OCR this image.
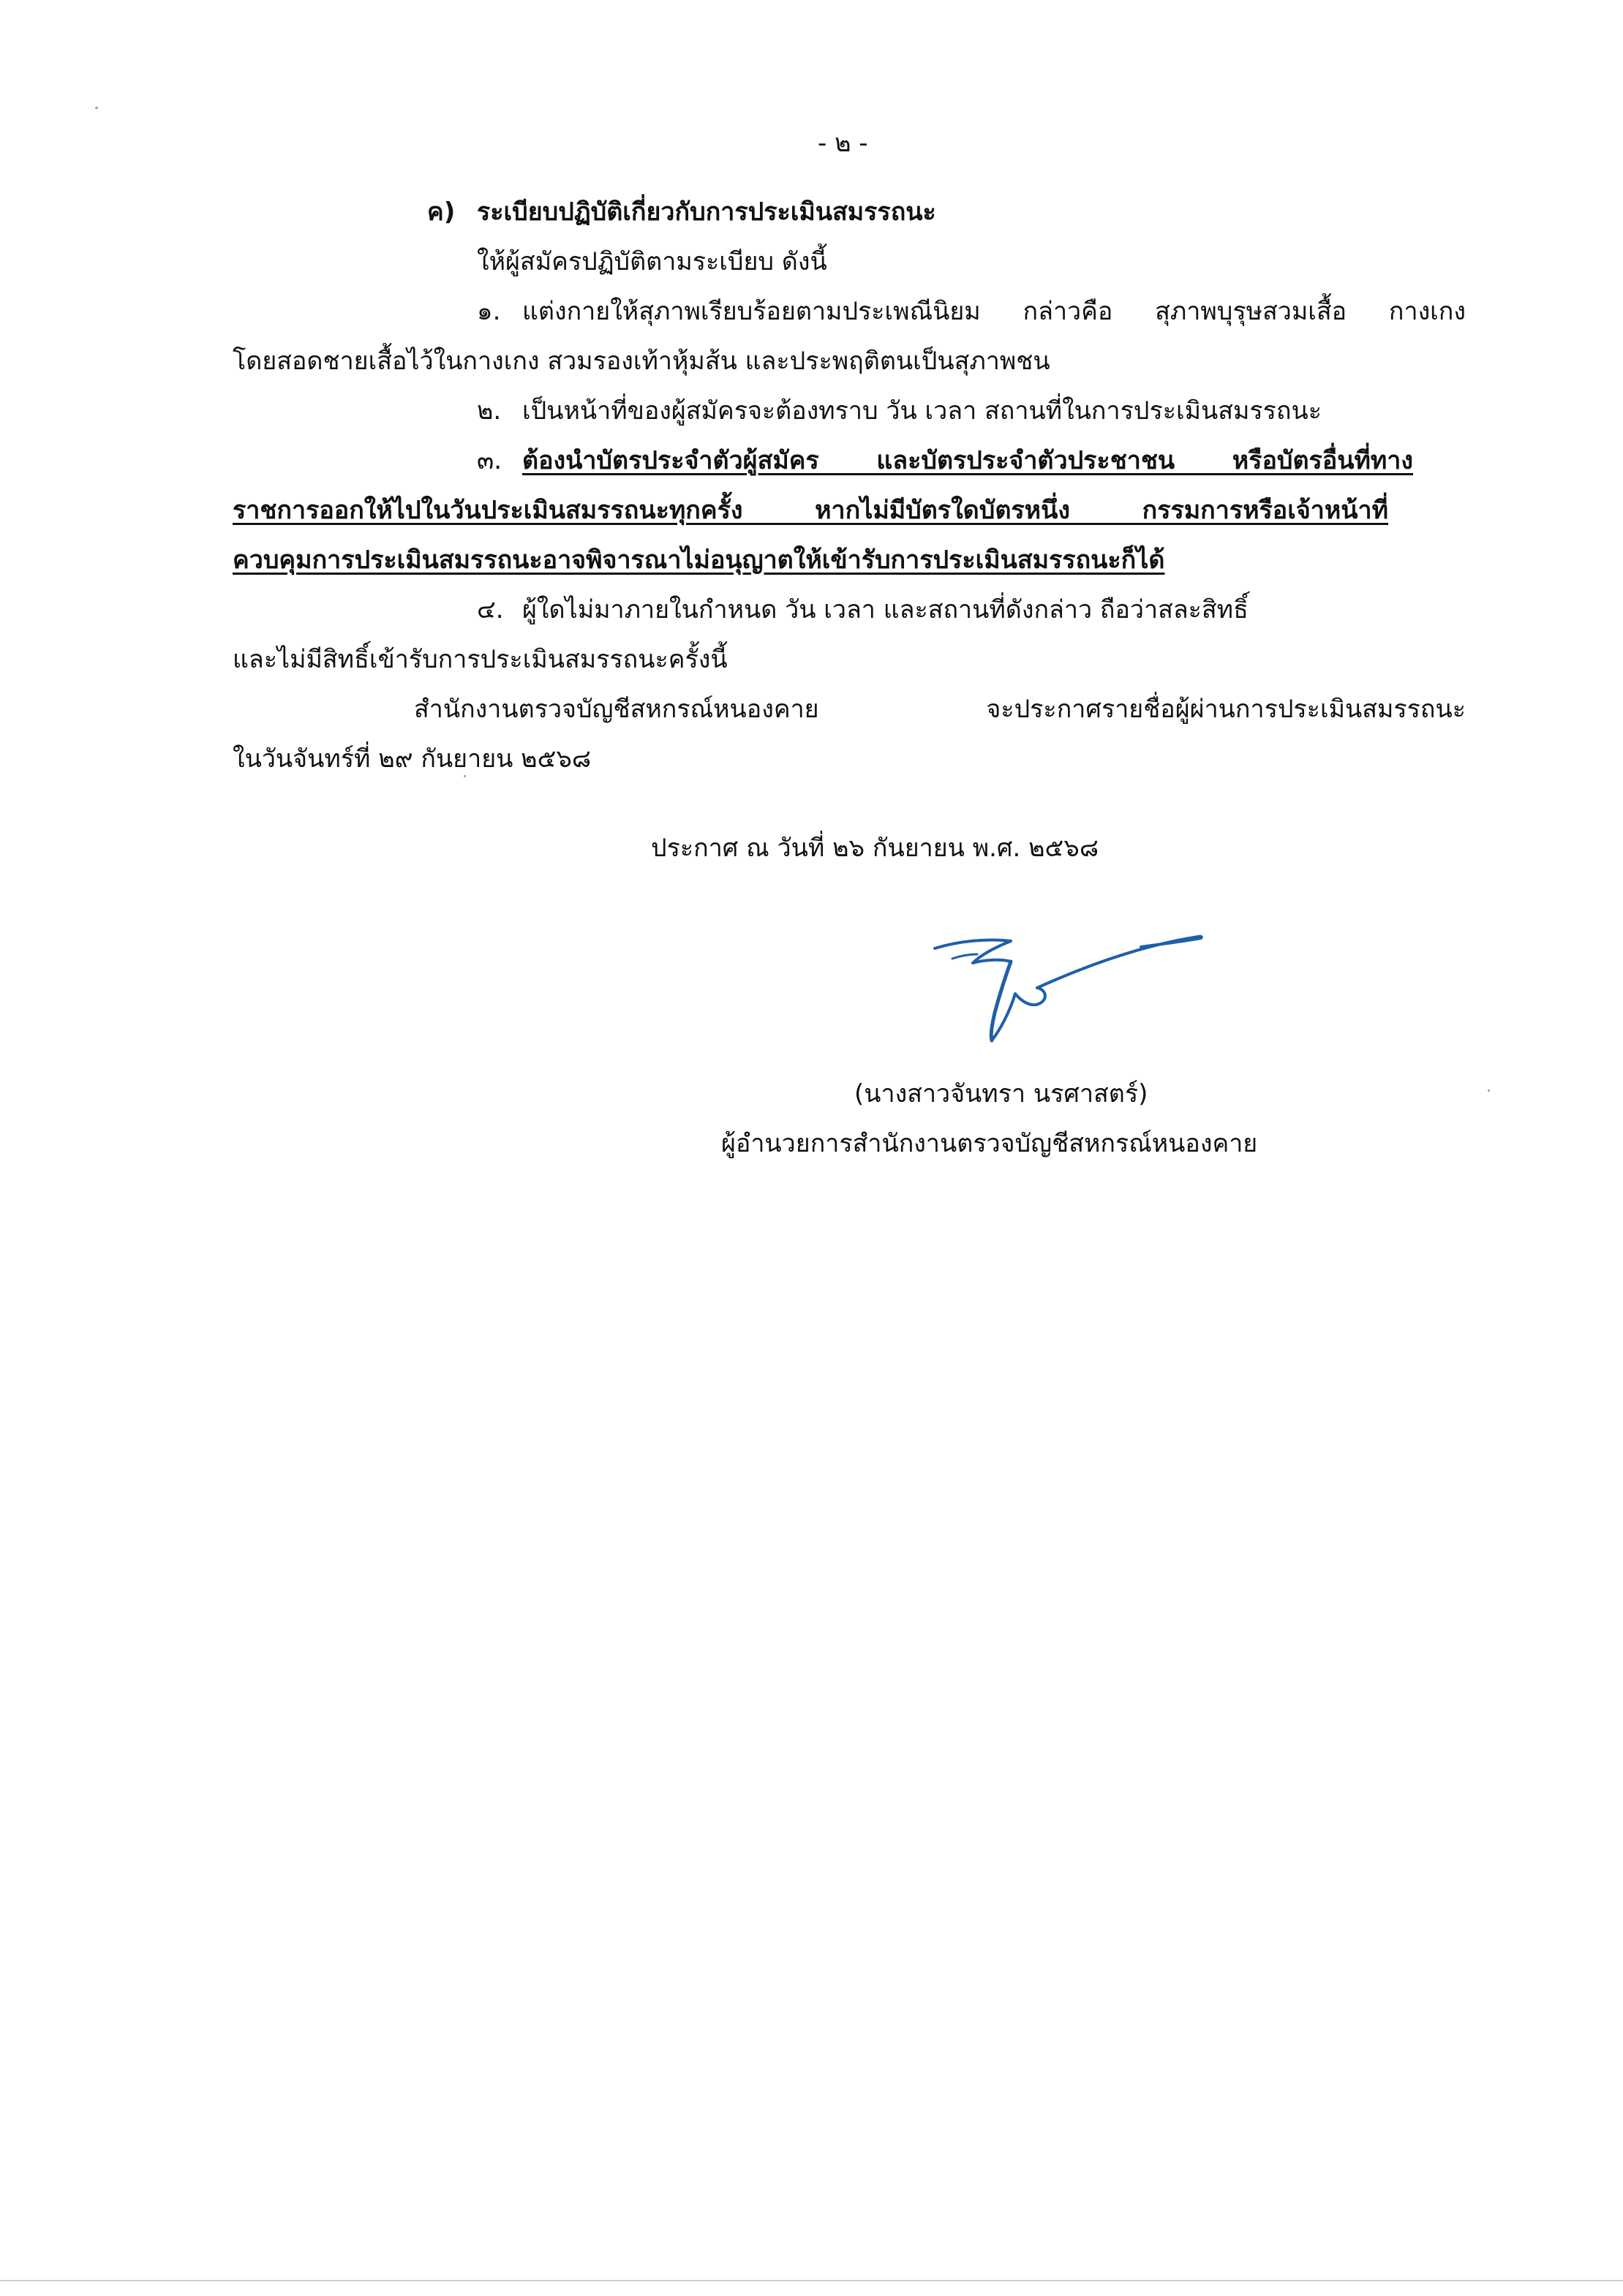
- ๒ -
ค) ระเบียบปฏิบัติเกี่ยวกับการประเมินสมรรถนะ
ให้ผู้สมัครปฏิบัติตามระเบียบ ดังนี้
๑. แต่งกายให้สุภาพเรียบร้อยตามประเพณีนิยม กล่าวคือ สุภาพบุรุษสวมเสื้อ กางเกง
โดยสอดชายเสื้อไว้ในกางเกง สวมรองเท้าหุ้มส้น และประพฤติตนเป็นสุภาพชน
๒. เป็นหน้าที่ของผู้สมัครจะต้องทราบ วัน เวลา สถานที่ในการประเมินสมรรถนะ
๓. ต้องนำบัตรประจำตัวผู้สมัคร และบัตรประจำตัวประชาชน หรือบัตรอื่นที่ทาง
ราชการออกให้ไปในวันประเมินสมรรถนะทุกครั้ง หากไม่มีบัตรใดบัตรหนึ่ง กรรมการหรือเจ้าหน้าที่
ควบคุมการประเมินสมรรถนะอาจพิจารณาไม่อนุญาตให้เข้ารับการประเมินสมรรถนะก็ได้
๔. ผู้ใดไม่มาภายในกำหนด วัน เวลา และสถานที่ดังกล่าว ถือว่าสละสิทธิ์
และไม่มีสิทธิ์เข้ารับการประเมินสมรรถนะครั้งนี้
สำนักงานตรวจบัญชีสหกรณ์หนองคาย จะประกาศรายชื่อผู้ผ่านการประเมินสมรรถนะ
ในวันจันทร์ที่ ๒๙ กันยายน ๒๕๖๘
ประกาศ ณ วันที่ ๒๖ กันยายน พ.ศ. ๒๕๖๘
(นางสาวจันทรา นรศาสตร์)
ผู้อำนวยการสำนักงานตรวจบัญชีสหกรณ์หนองคาย
